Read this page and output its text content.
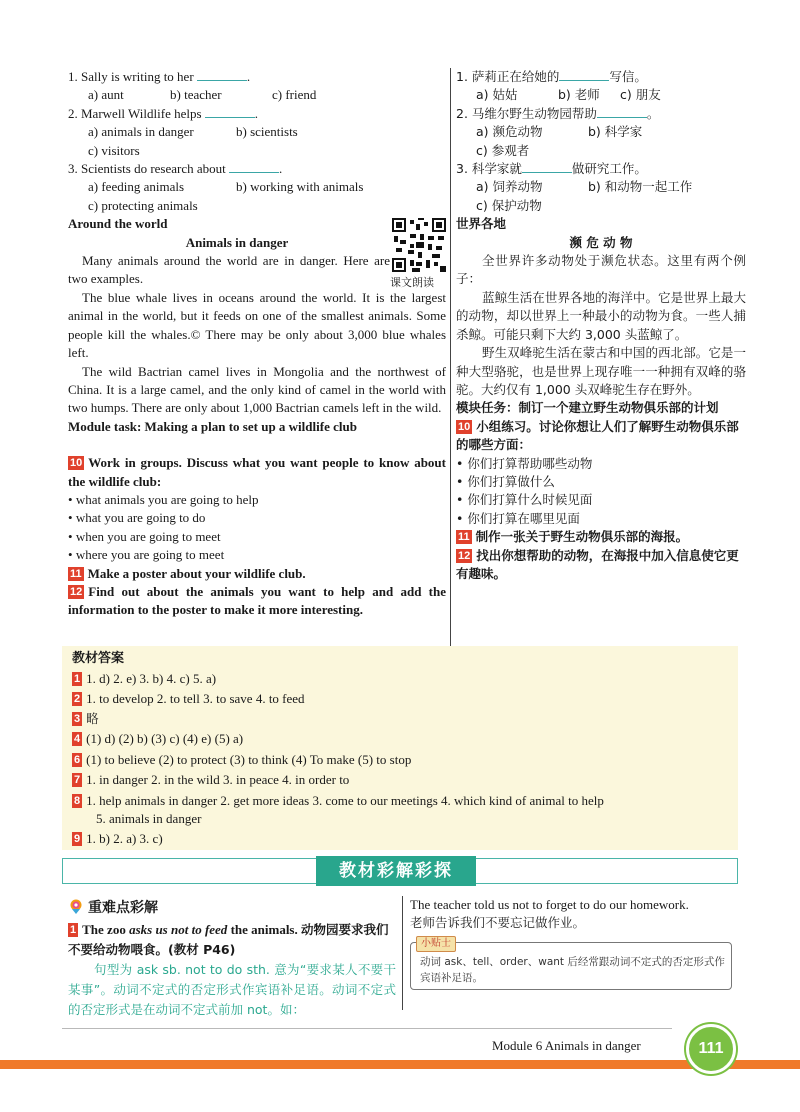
1. Sally is writing to her	.
a) aunt	b) teacher	c) friend
2. Marwell Wildlife helps	.
a) animals in danger	b) scientists
c) visitors
3. Scientists do research about	.
a) feeding animals	b) working with animals
c) protecting animals
Around the world
Animals in danger
Many animals around the world are in danger. Here are two examples.
The blue whale lives in oceans around the world. It is the largest animal in the world, but it feeds on one of the smallest animals. Some people kill the whales.© There may be only about 3,000 blue whales left.
The wild Bactrian camel lives in Mongolia and the northwest of China. It is a large camel, and the only kind of camel in the world with two humps. There are only about 1,000 Bactrian camels left in the wild.
Module task: Making a plan to set up a wildlife club
10 Work in groups. Discuss what you want people to know about the wildlife club:
• what animals you are going to help
• what you are going to do
• when you are going to meet
• where you are going to meet
11 Make a poster about your wildlife club.
12 Find out about the animals you want to help and add the information to the poster to make it more interesting.
课文朗读
1. 萨莉正在给她的	写信。
a) 姑姑	b) 老师	c) 朋友
2. 马维尔野生动物园帮助	。
a) 濒危动物	b) 科学家
c) 参观者
3. 科学家就	做研究工作。
a) 饲养动物	b) 和动物一起工作
c) 保护动物
世界各地
濒 危 动 物
全世界许多动物处于濒危状态。这里有两个例子：
蓝鲸生活在世界各地的海洋中。它是世界上最大的动物，却以世界上一种最小的动物为食。一些人捕杀鲸。可能只剩下大约 3,000 头蓝鲸了。
野生双峰驼生活在蒙古和中国的西北部。它是一种大型骆驼，也是世界上现存唯一一种拥有双峰的骆驼。大约仅有 1,000 头双峰驼生存在野外。
模块任务：制订一个建立野生动物俱乐部的计划
10 小组练习。讨论你想让人们了解野生动物俱乐部的哪些方面：
• 你们打算帮助哪些动物
• 你们打算做什么
• 你们打算什么时候见面
• 你们打算在哪里见面
11 制作一张关于野生动物俱乐部的海报。
12 找出你想帮助的动物，在海报中加入信息使它更有趣味。
教材答案
1 1. d) 2. e) 3. b) 4. c) 5. a)
2 1. to develop 2. to tell 3. to save 4. to feed
3 略
4 (1) d) (2) b) (3) c) (4) e) (5) a)
6 (1) to believe (2) to protect (3) to think (4) To make (5) to stop
7 1. in danger 2. in the wild 3. in peace 4. in order to
8 1. help animals in danger 2. get more ideas 3. come to our meetings 4. which kind of animal to help
5. animals in danger
9 1. b) 2. a) 3. c)
教材彩解彩探
重难点彩解
1 The zoo asks us not to feed the animals. 动物园要求我们不要给动物喂食。(教材 P46)
句型为 ask sb. not to do sth. 意为“要求某人不要干某事”。动词不定式的否定形式作宾语补足语。动词不定式的否定形式是在动词不定式前加 not。如：
The teacher told us not to forget to do our homework.
老师告诉我们不要忘记做作业。
小贴士
动词 ask、tell、order、want 后经常跟动词不定式的否定形式作宾语补足语。
Module 6 Animals in danger	111
